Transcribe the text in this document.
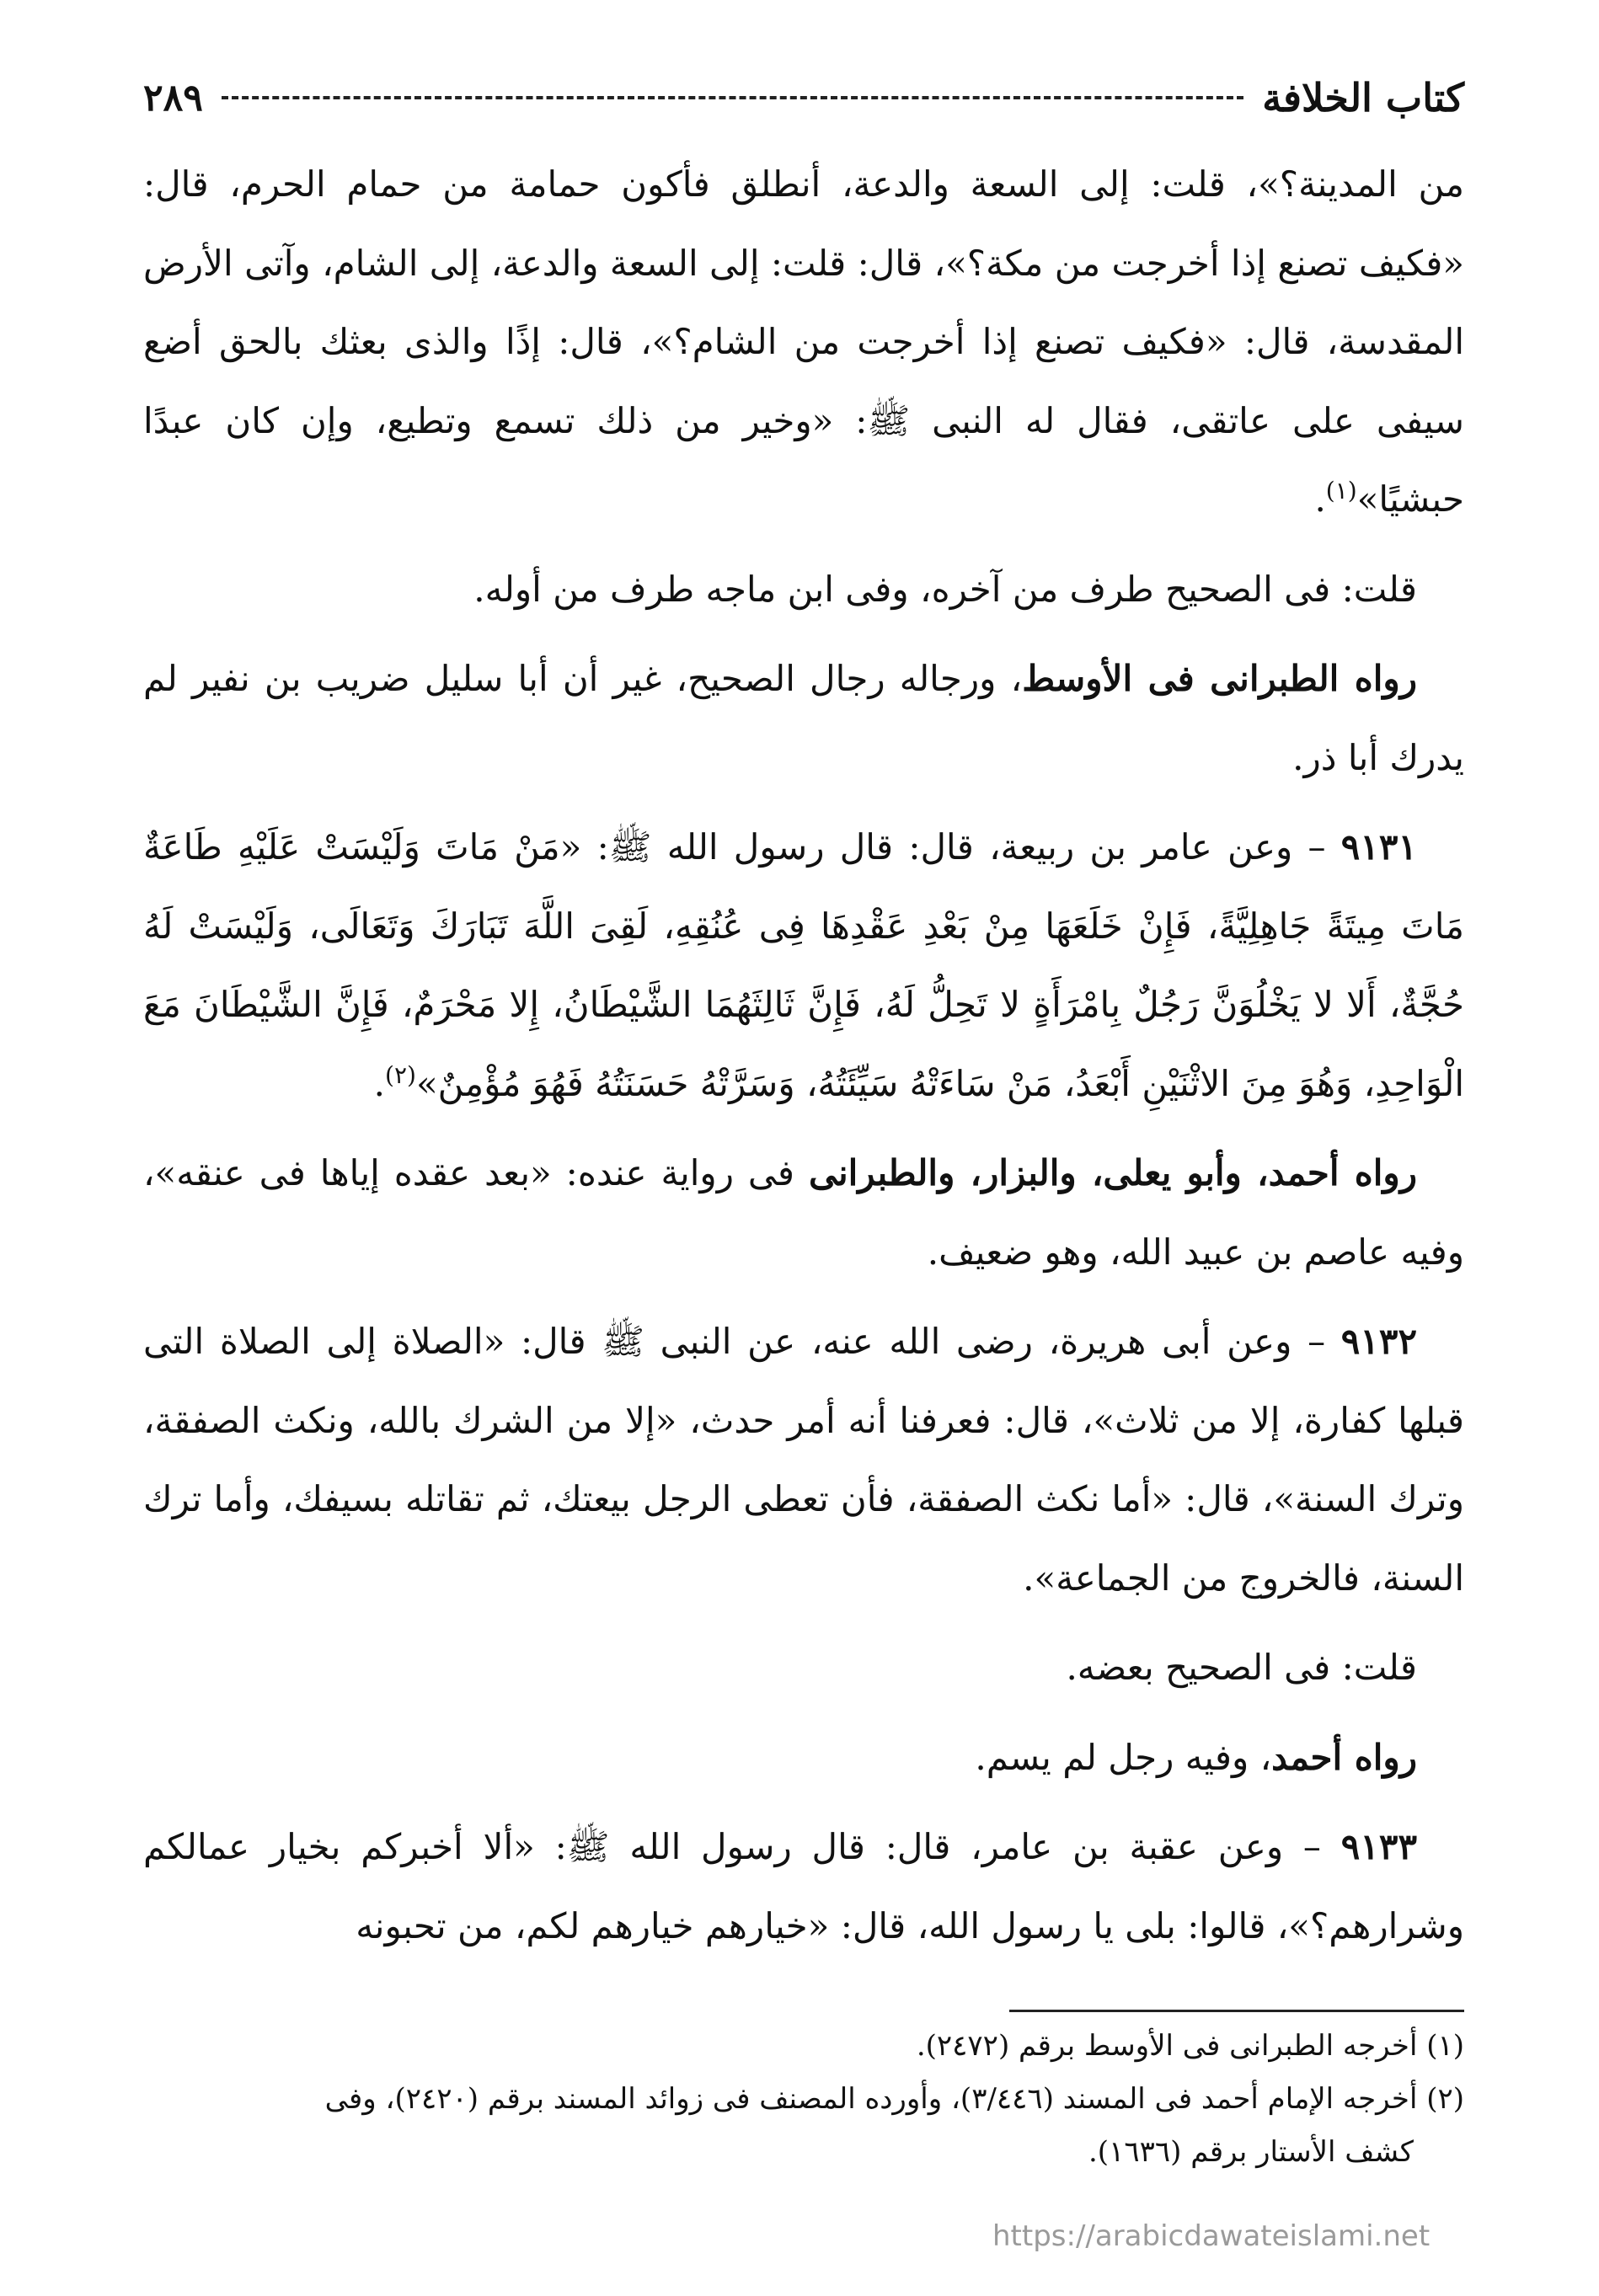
كتاب الخلافة
٢٨٩

من المدينة؟»، قلت: إلى السعة والدعة، أنطلق فأكون حمامة من حمام الحرم، قال: «فكيف تصنع إذا أخرجت من مكة؟»، قال: قلت: إلى السعة والدعة، إلى الشام، وآتى الأرض المقدسة، قال: «فكيف تصنع إذا أخرجت من الشام؟»، قال: إذًا والذى بعثك بالحق أضع سيفى على عاتقى، فقال له النبى ﷺ: «وخير من ذلك تسمع وتطيع، وإن كان عبدًا حبشيًا»$^{(١)}$.

قلت: فى الصحيح طرف من آخره، وفى ابن ماجه طرف من أوله.

رواه الطبرانى فى الأوسط، ورجاله رجال الصحيح، غير أن أبا سليل ضريب بن نفير لم يدرك أبا ذر.

٩١٣١ – وعن عامر بن ربيعة، قال: قال رسول الله ﷺ: «مَنْ مَاتَ وَلَيْسَتْ عَلَيْهِ طَاعَةٌ مَاتَ مِيتَةً جَاهِلِيَّةً، فَإِنْ خَلَعَهَا مِنْ بَعْدِ عَقْدِهَا فِى عُنُقِهِ، لَقِىَ اللَّهَ تَبَارَكَ وَتَعَالَى، وَلَيْسَتْ لَهُ حُجَّةٌ، أَلا لا يَخْلُوَنَّ رَجُلٌ بِامْرَأَةٍ لا تَحِلُّ لَهُ، فَإِنَّ ثَالِثَهُمَا الشَّيْطَانُ، إِلا مَحْرَمٌ، فَإِنَّ الشَّيْطَانَ مَعَ الْوَاحِدِ، وَهُوَ مِنَ الاثْنَيْنِ أَبْعَدُ، مَنْ سَاءَتْهُ سَيِّئَتُهُ، وَسَرَّتْهُ حَسَنَتُهُ فَهُوَ مُؤْمِنٌ»$^{(٢)}$.

رواه أحمد، وأبو يعلى، والبزار، والطبرانى فى رواية عنده: «بعد عقده إياها فى عنقه»، وفيه عاصم بن عبيد الله، وهو ضعيف.

٩١٣٢ – وعن أبى هريرة، رضى الله عنه، عن النبى ﷺ قال: «الصلاة إلى الصلاة التى قبلها كفارة، إلا من ثلاث»، قال: فعرفنا أنه أمر حدث، «إلا من الشرك بالله، ونكث الصفقة، وترك السنة»، قال: «أما نكث الصفقة، فأن تعطى الرجل بيعتك، ثم تقاتله بسيفك، وأما ترك السنة، فالخروج من الجماعة».

قلت: فى الصحيح بعضه.

رواه أحمد، وفيه رجل لم يسم.

٩١٣٣ – وعن عقبة بن عامر، قال: قال رسول الله ﷺ: «ألا أخبركم بخيار عمالكم وشرارهم؟»، قالوا: بلى يا رسول الله، قال: «خيارهم خيارهم لكم، من تحبونه

(١) أخرجه الطبرانى فى الأوسط برقم (٢٤٧٢).

(٢) أخرجه الإمام أحمد فى المسند (٣/٤٤٦)، وأورده المصنف فى زوائد المسند برقم (٢٤٢٠)، وفى

كشف الأستار برقم (١٦٣٦).

https://arabicdawateislami.net
